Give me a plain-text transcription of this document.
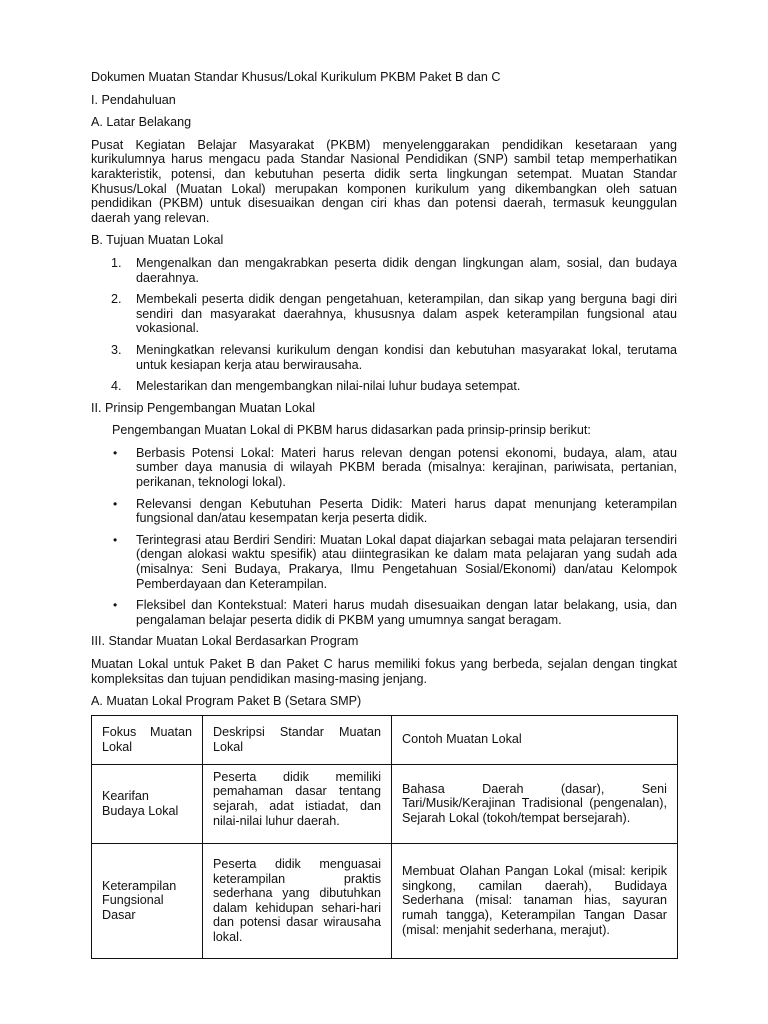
Dokumen Muatan Standar Khusus/Lokal Kurikulum PKBM Paket B dan C

I. Pendahuluan

A. Latar Belakang

Pusat Kegiatan Belajar Masyarakat (PKBM) menyelenggarakan pendidikan kesetaraan yang kurikulumnya harus mengacu pada Standar Nasional Pendidikan (SNP) sambil tetap memperhatikan karakteristik, potensi, dan kebutuhan peserta didik serta lingkungan setempat. Muatan Standar Khusus/Lokal (Muatan Lokal) merupakan komponen kurikulum yang dikembangkan oleh satuan pendidikan (PKBM) untuk disesuaikan dengan ciri khas dan potensi daerah, termasuk keunggulan daerah yang relevan.

B. Tujuan Muatan Lokal

1. Mengenalkan dan mengakrabkan peserta didik dengan lingkungan alam, sosial, dan budaya daerahnya.
2. Membekali peserta didik dengan pengetahuan, keterampilan, dan sikap yang berguna bagi diri sendiri dan masyarakat daerahnya, khususnya dalam aspek keterampilan fungsional atau vokasional.
3. Meningkatkan relevansi kurikulum dengan kondisi dan kebutuhan masyarakat lokal, terutama untuk kesiapan kerja atau berwirausaha.
4. Melestarikan dan mengembangkan nilai-nilai luhur budaya setempat.

II. Prinsip Pengembangan Muatan Lokal

Pengembangan Muatan Lokal di PKBM harus didasarkan pada prinsip-prinsip berikut:

• Berbasis Potensi Lokal: Materi harus relevan dengan potensi ekonomi, budaya, alam, atau sumber daya manusia di wilayah PKBM berada (misalnya: kerajinan, pariwisata, pertanian, perikanan, teknologi lokal).
• Relevansi dengan Kebutuhan Peserta Didik: Materi harus dapat menunjang keterampilan fungsional dan/atau kesempatan kerja peserta didik.
• Terintegrasi atau Berdiri Sendiri: Muatan Lokal dapat diajarkan sebagai mata pelajaran tersendiri (dengan alokasi waktu spesifik) atau diintegrasikan ke dalam mata pelajaran yang sudah ada (misalnya: Seni Budaya, Prakarya, Ilmu Pengetahuan Sosial/Ekonomi) dan/atau Kelompok Pemberdayaan dan Keterampilan.
• Fleksibel dan Kontekstual: Materi harus mudah disesuaikan dengan latar belakang, usia, dan pengalaman belajar peserta didik di PKBM yang umumnya sangat beragam.

III. Standar Muatan Lokal Berdasarkan Program

Muatan Lokal untuk Paket B dan Paket C harus memiliki fokus yang berbeda, sejalan dengan tingkat kompleksitas dan tujuan pendidikan masing-masing jenjang.

A. Muatan Lokal Program Paket B (Setara SMP)

Fokus Muatan Lokal	Deskripsi Standar Muatan Lokal	Contoh Muatan Lokal
Kearifan Budaya Lokal	Peserta didik memiliki pemahaman dasar tentang sejarah, adat istiadat, dan nilai-nilai luhur daerah.	Bahasa Daerah (dasar), Seni Tari/Musik/Kerajinan Tradisional (pengenalan), Sejarah Lokal (tokoh/tempat bersejarah).
Keterampilan Fungsional Dasar	Peserta didik menguasai keterampilan praktis sederhana yang dibutuhkan dalam kehidupan sehari-hari dan potensi dasar wirausaha lokal.	Membuat Olahan Pangan Lokal (misal: keripik singkong, camilan daerah), Budidaya Sederhana (misal: tanaman hias, sayuran rumah tangga), Keterampilan Tangan Dasar (misal: menjahit sederhana, merajut).
